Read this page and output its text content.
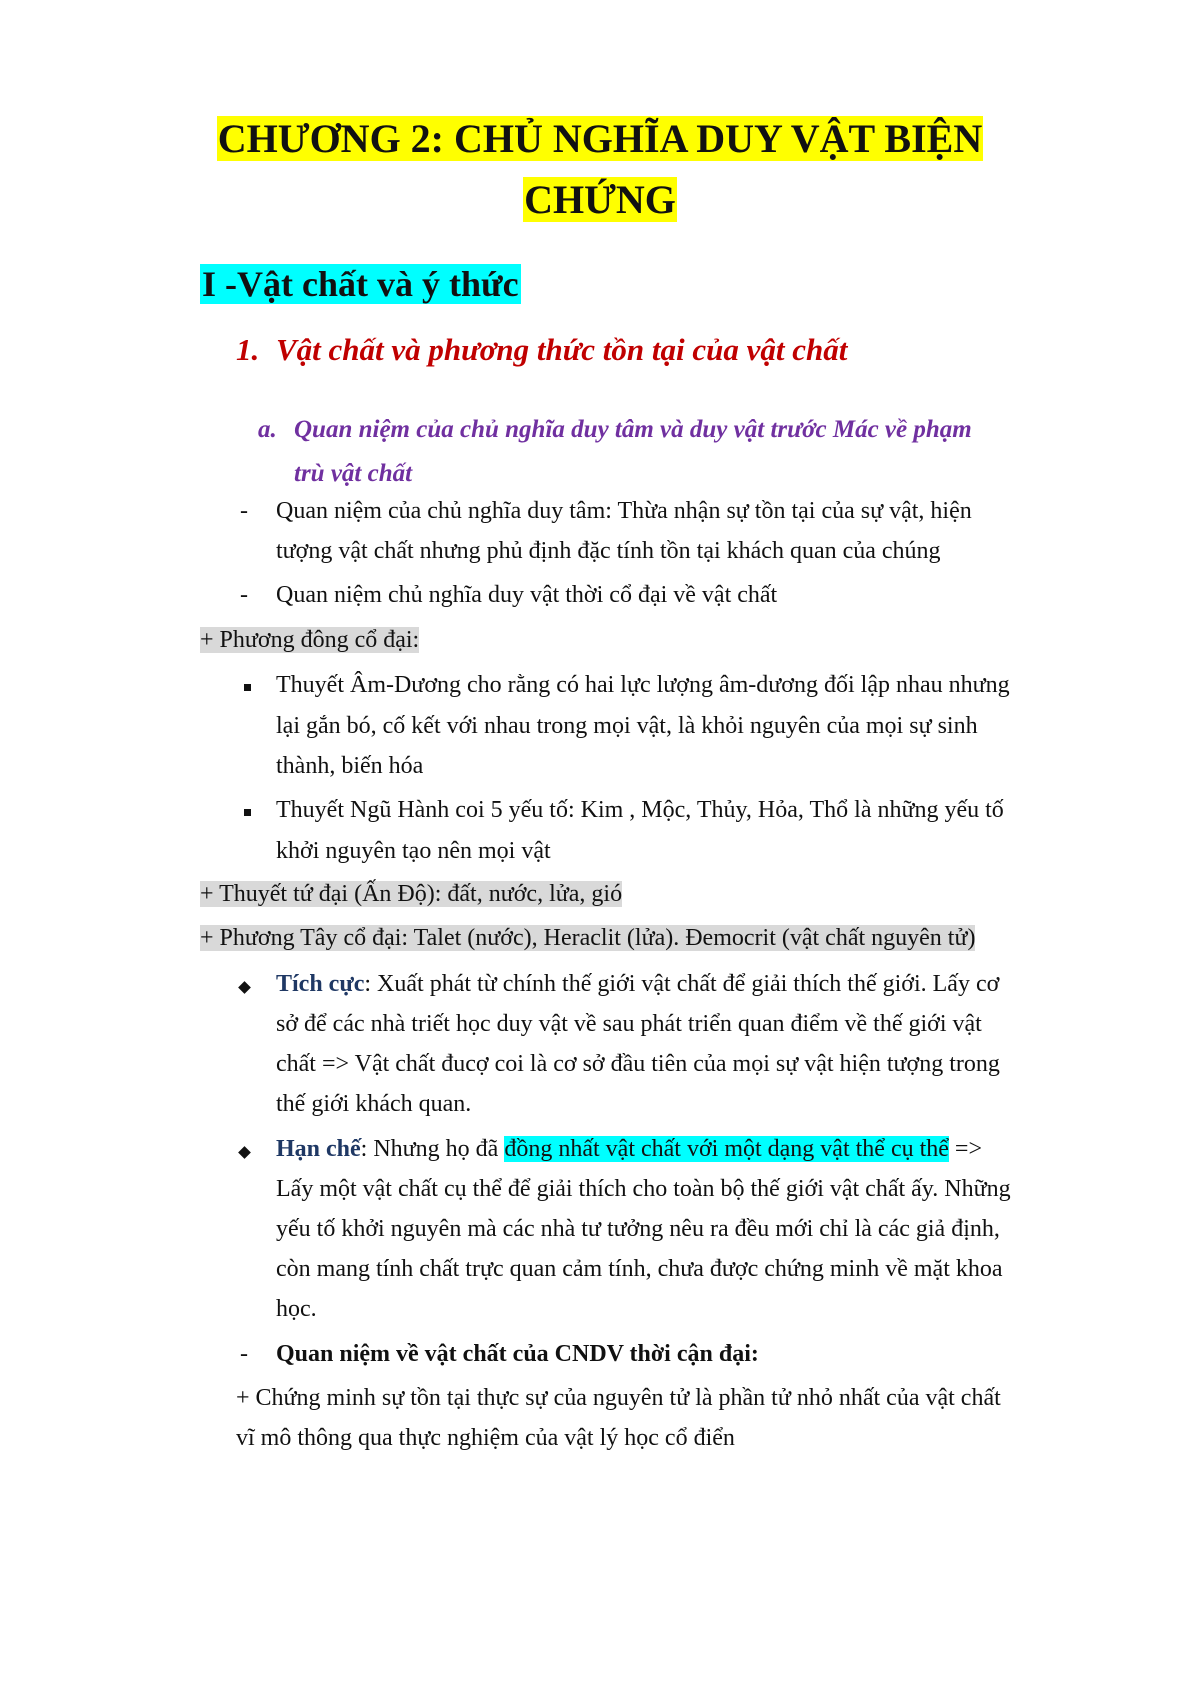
CHƯƠNG 2: CHỦ NGHĨA DUY VẬT BIỆN
CHỨNG
I -Vật chất và ý thức
1. Vật chất và phương thức tồn tại của vật chất
a. Quan niệm của chủ nghĩa duy tâm và duy vật trước Mác về phạm
trù vật chất
- Quan niệm của chủ nghĩa duy tâm: Thừa nhận sự tồn tại của sự vật, hiện
tượng vật chất nhưng phủ định đặc tính tồn tại khách quan của chúng
- Quan niệm chủ nghĩa duy vật thời cổ đại về vật chất
+ Phương đông cổ đại:
Thuyết Âm-Dương cho rằng có hai lực lượng âm-dương đối lập nhau nhưng
lại gắn bó, cố kết với nhau trong mọi vật, là khỏi nguyên của mọi sự sinh
thành, biến hóa
Thuyết Ngũ Hành coi 5 yếu tố: Kim , Mộc, Thủy, Hỏa, Thổ là những yếu tố
khởi nguyên tạo nên mọi vật
+ Thuyết tứ đại (Ấn Độ): đất, nước, lửa, gió
+ Phương Tây cổ đại: Talet (nước), Heraclit (lửa). Đemocrit (vật chất nguyên tử)
Tích cực: Xuất phát từ chính thế giới vật chất để giải thích thế giới. Lấy cơ
sở để các nhà triết học duy vật về sau phát triển quan điểm về thế giới vật
chất => Vật chất đucợ coi là cơ sở đầu tiên của mọi sự vật hiện tượng trong
thế giới khách quan.
Hạn chế: Nhưng họ đã đồng nhất vật chất với một dạng vật thể cụ thể =>
Lấy một vật chất cụ thể để giải thích cho toàn bộ thế giới vật chất ấy. Những
yếu tố khởi nguyên mà các nhà tư tưởng nêu ra đều mới chỉ là các giả định,
còn mang tính chất trực quan cảm tính, chưa được chứng minh về mặt khoa
học.
- Quan niệm về vật chất của CNDV thời cận đại:
+ Chứng minh sự tồn tại thực sự của nguyên tử là phần tử nhỏ nhất của vật chất
vĩ mô thông qua thực nghiệm của vật lý học cổ điển
